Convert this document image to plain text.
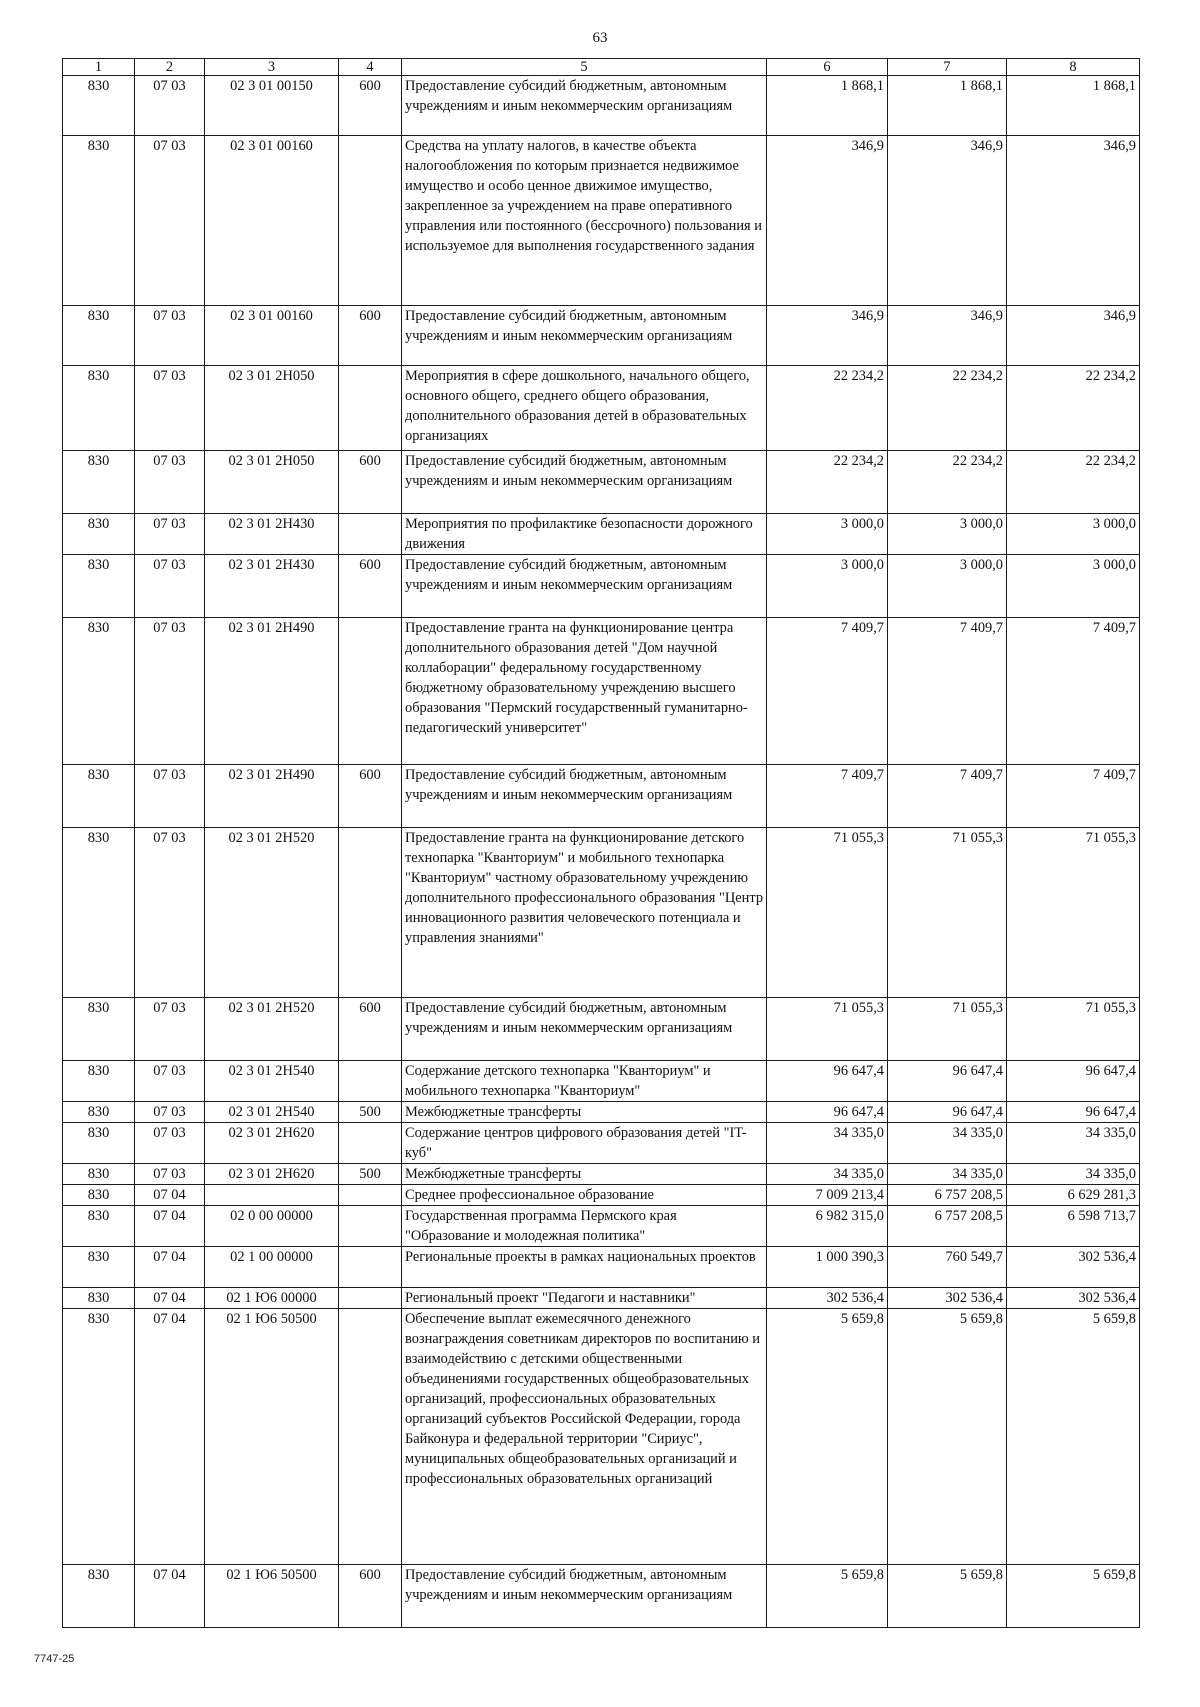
63
1	2	3	4	5	6	7	8
830	07 03	02 3 01 00150	600	Предоставление субсидий бюджетным, автономным учреждениям и иным некоммерческим организациям	1 868,1	1 868,1	1 868,1
830	07 03	02 3 01 00160		Средства на уплату налогов, в качестве объекта налогообложения по которым признается недвижимое имущество и особо ценное движимое имущество, закрепленное за учреждением на праве оперативного управления или постоянного (бессрочного) пользования и используемое для выполнения государственного задания	346,9	346,9	346,9
830	07 03	02 3 01 00160	600	Предоставление субсидий бюджетным, автономным учреждениям и иным некоммерческим организациям	346,9	346,9	346,9
830	07 03	02 3 01 2Н050		Мероприятия в сфере дошкольного, начального общего, основного общего, среднего общего образования, дополнительного образования детей в образовательных организациях	22 234,2	22 234,2	22 234,2
830	07 03	02 3 01 2Н050	600	Предоставление субсидий бюджетным, автономным учреждениям и иным некоммерческим организациям	22 234,2	22 234,2	22 234,2
830	07 03	02 3 01 2Н430		Мероприятия по профилактике безопасности дорожного движения	3 000,0	3 000,0	3 000,0
830	07 03	02 3 01 2Н430	600	Предоставление субсидий бюджетным, автономным учреждениям и иным некоммерческим организациям	3 000,0	3 000,0	3 000,0
830	07 03	02 3 01 2Н490		Предоставление гранта на функционирование центра дополнительного образования детей "Дом научной коллаборации" федеральному государственному бюджетному образовательному учреждению высшего образования "Пермский государственный гуманитарно-педагогический университет"	7 409,7	7 409,7	7 409,7
830	07 03	02 3 01 2Н490	600	Предоставление субсидий бюджетным, автономным учреждениям и иным некоммерческим организациям	7 409,7	7 409,7	7 409,7
830	07 03	02 3 01 2Н520		Предоставление гранта на функционирование детского технопарка "Кванториум" и мобильного технопарка "Кванториум" частному образовательному учреждению дополнительного профессионального образования "Центр инновационного развития человеческого потенциала и управления знаниями"	71 055,3	71 055,3	71 055,3
830	07 03	02 3 01 2Н520	600	Предоставление субсидий бюджетным, автономным учреждениям и иным некоммерческим организациям	71 055,3	71 055,3	71 055,3
830	07 03	02 3 01 2Н540		Содержание детского технопарка "Кванториум" и мобильного технопарка "Кванториум"	96 647,4	96 647,4	96 647,4
830	07 03	02 3 01 2Н540	500	Межбюджетные трансферты	96 647,4	96 647,4	96 647,4
830	07 03	02 3 01 2Н620		Содержание центров цифрового образования детей "IT-куб"	34 335,0	34 335,0	34 335,0
830	07 03	02 3 01 2Н620	500	Межбюджетные трансферты	34 335,0	34 335,0	34 335,0
830	07 04			Среднее профессиональное образование	7 009 213,4	6 757 208,5	6 629 281,3
830	07 04	02 0 00 00000		Государственная программа Пермского края "Образование и молодежная политика"	6 982 315,0	6 757 208,5	6 598 713,7
830	07 04	02 1 00 00000		Региональные проекты в рамках национальных проектов	1 000 390,3	760 549,7	302 536,4
830	07 04	02 1 Ю6 00000		Региональный проект "Педагоги и наставники"	302 536,4	302 536,4	302 536,4
830	07 04	02 1 Ю6 50500		Обеспечение выплат ежемесячного денежного вознаграждения советникам директоров по воспитанию и взаимодействию с детскими общественными объединениями государственных общеобразовательных организаций, профессиональных образовательных организаций субъектов Российской Федерации, города Байконура и федеральной территории "Сириус", муниципальных общеобразовательных организаций и профессиональных образовательных организаций	5 659,8	5 659,8	5 659,8
830	07 04	02 1 Ю6 50500	600	Предоставление субсидий бюджетным, автономным учреждениям и иным некоммерческим организациям	5 659,8	5 659,8	5 659,8
7747-25
